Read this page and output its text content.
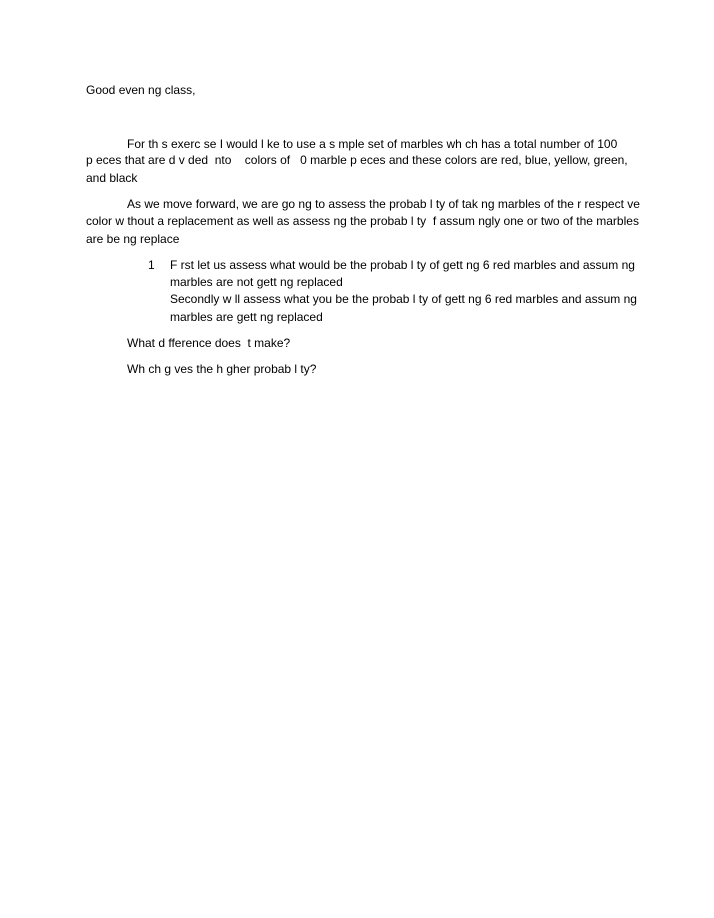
Good even ng class,
For th s exerc se I would l ke to use a s mple set of marbles wh ch has a total number of 100
p eces that are d v ded  nto    colors of   0 marble p eces and these colors are red, blue, yellow, green,
and black
As we move forward, we are go ng to assess the probab l ty of tak ng marbles of the r respect ve
color w thout a replacement as well as assess ng the probab l ty  f assum ngly one or two of the marbles
are be ng replace
1 F rst let us assess what would be the probab l ty of gett ng 6 red marbles and assum ng
marbles are not gett ng replaced
Secondly w ll assess what you be the probab l ty of gett ng 6 red marbles and assum ng
marbles are gett ng replaced
What d fference does  t make?
Wh ch g ves the h gher probab l ty?
